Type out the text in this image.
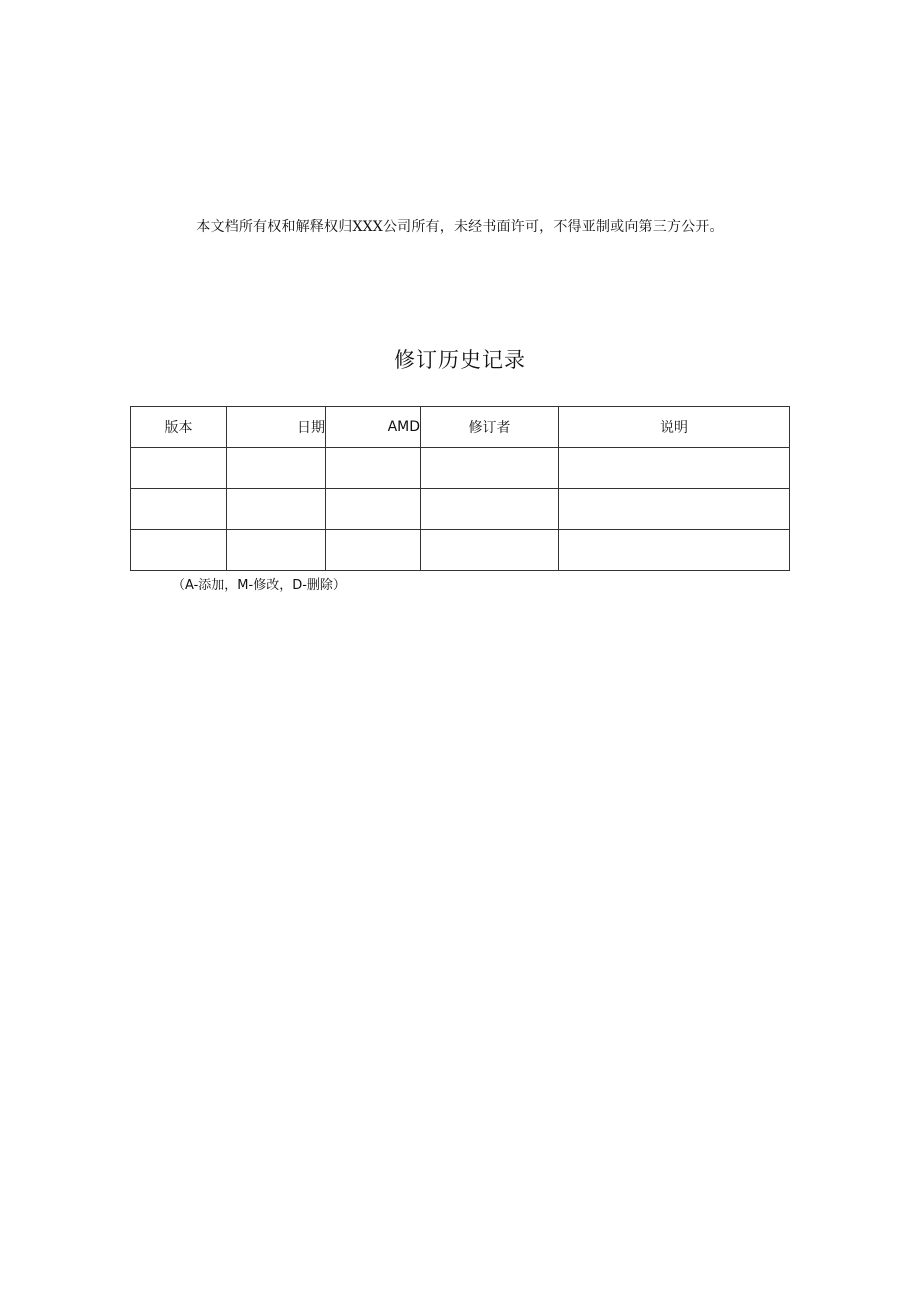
本文档所有权和解释权归XXX公司所有，未经书面许可，不得亚制或向第三方公开。
修订历史记录
版本	日期	AMD	修订者	说明

（A-添加，M-修改，D-删除）
